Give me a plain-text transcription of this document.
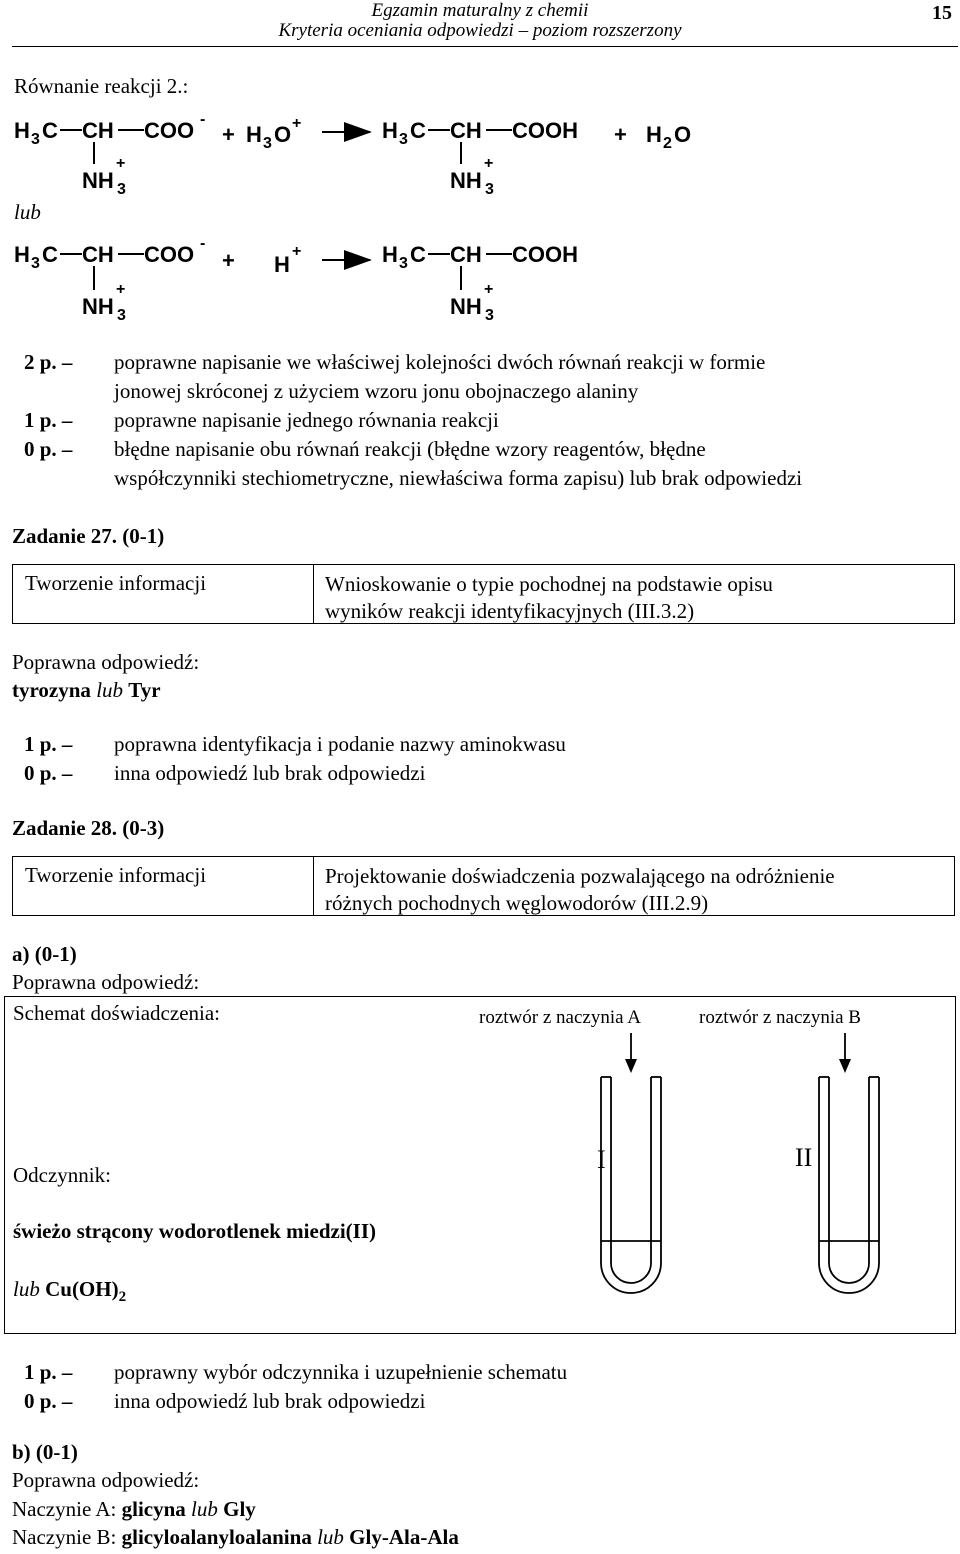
Egzamin maturalny z chemii
Kryteria oceniania odpowiedzi – poziom rozszerzony
15
Równanie reakcji 2.:
H 3 C CH COO -
+
NH 3
+ H 3 O +	H 3 C CH COOH
+
NH 3
+ H 2 O
H 3 C CH COO -
+
NH 3
+ H
+	H 3 C CH COOH
+
NH 3
lub
2 p. – poprawne napisanie we właściwej kolejności dwóch równań reakcji w formie
jonowej skróconej z użyciem wzoru jonu obojnaczego alaniny

1 p. – poprawne napisanie jednego równania reakcji
0 p. – błędne napisanie obu równań reakcji (błędne wzory reagentów, błędne
współczynniki stechiometryczne, niewłaściwa forma zapisu) lub brak odpowiedzi

Zadanie 27. (0-1)
Tworzenie informacji	Wnioskowanie o typie pochodnej na podstawie opisu
wyników reakcji identyfikacyjnych (III.3.2)
Poprawna odpowiedź:
tyrozyna lub Tyr
1 p. – poprawna identyfikacja i podanie nazwy aminokwasu
0 p. – inna odpowiedź lub brak odpowiedzi
Zadanie 28. (0-3)
Tworzenie informacji	Projektowanie doświadczenia pozwalającego na odróżnienie
różnych pochodnych węglowodorów (III.2.9)
a) (0-1)
Poprawna odpowiedź:
Schemat doświadczenia:	roztwór z naczynia A	roztwór z naczynia B
I	II
Odczynnik:
świeżo strącony wodorotlenek miedzi(II)
lub $Cu(OH)_2$
1 p. – poprawny wybór odczynnika i uzupełnienie schematu
0 p. – inna odpowiedź lub brak odpowiedzi
b) (0-1)
Poprawna odpowiedź:
Naczynie A: glicyna lub Gly
Naczynie B: glicyloalanyloalanina lub Gly-Ala-Ala
